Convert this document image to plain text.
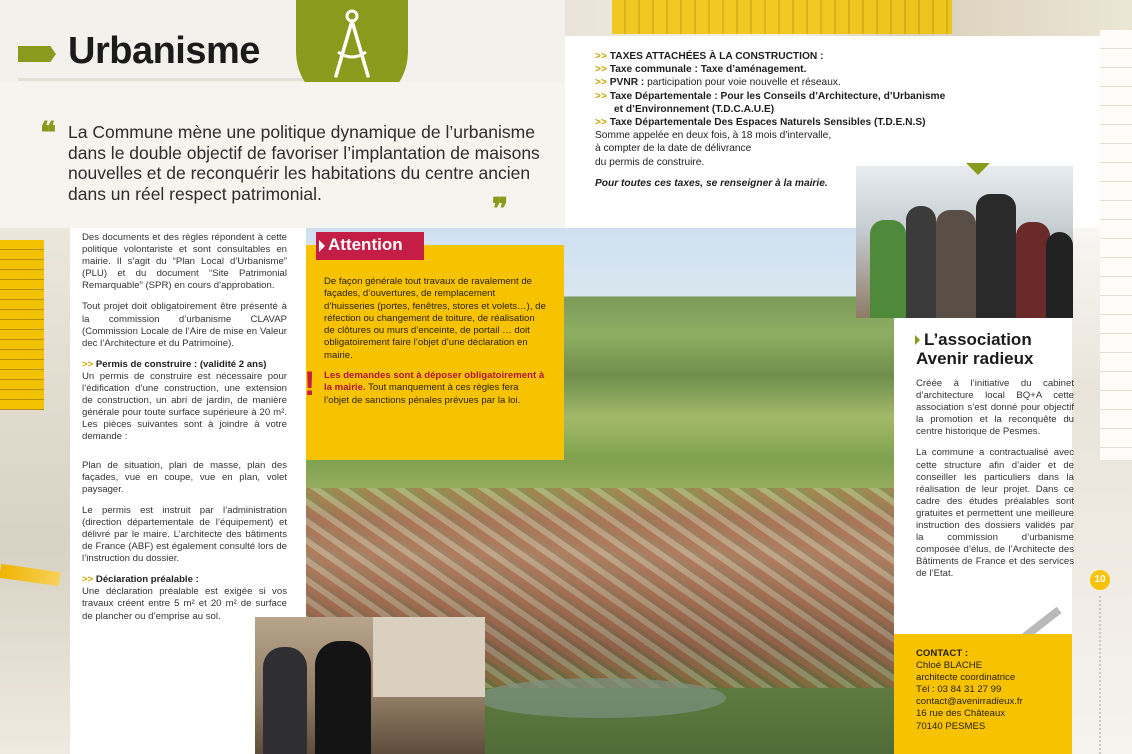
Urbanisme
❝ La Commune mène une politique dynamique de l’urbanisme dans le double objectif de favoriser l’implantation de maisons nouvelles et de reconquérir les habitations du centre ancien dans un réel respect patrimonial.	❞

Des documents et des règles répondent à cette politique volontariste et sont consultables en mairie. Il s’agit du “Plan Local d’Urbanisme” (PLU) et du document “Site Patrimonial Remarquable” (SPR) en cours d’approbation.

Tout projet doit obligatoirement être présenté à la commission d’urbanisme CLAVAP (Commission Locale de l’Aire de mise en Valeur dec l’Architecture et du Patrimoine).

>> Permis de construire : (validité 2 ans)

Un permis de construire est nécessaire pour l’édification d’une construction, une extension de construction, un abri de jardin, de manière générale pour toute surface supérieure à 20 m². Les pièces suivantes sont à joindre à votre demande :

Plan de situation, plan de masse, plan des façades, vue en coupe, vue en plan, volet paysager.

Le permis est instruit par l’administration (direction départementale de l’équipement) et délivré par le maire. L’architecte des bâtiments de France (ABF) est également consulté lors de l’instruction du dossier.

>> Déclaration préalable :

Une déclaration préalable est exigée si vos travaux créent entre 5 m² et 20 m² de surface de plancher ou d’emprise au sol.

Attention
!

De façon générale tout travaux de ravalement de façades, d’ouvertures, de remplacement d’huisseries (portes, fenêtres, stores et volets…), de réfection ou changement de toiture, de réalisation de clôtures ou murs d’enceinte, de portail … doit obligatoirement faire l’objet d’une déclaration en mairie.

Les demandes sont à déposer obligatoirement à la mairie. Tout manquement à ces règles fera l’objet de sanctions pénales prévues par la loi.

>> TAXES ATTACHÉES À LA CONSTRUCTION :
>> Taxe communale : Taxe d’aménagement.
>> PVNR : participation pour voie nouvelle et réseaux.
>> Taxe Départementale : Pour les Conseils d’Architecture, d’Urbanisme
et d’Environnement (T.D.C.A.U.E)
>> Taxe Départementale Des Espaces Naturels Sensibles (T.D.E.N.S)
Somme appelée en deux fois, à 18 mois d’intervalle,
à compter de la date de délivrance
du permis de construire.
Pour toutes ces taxes, se renseigner à la mairie.
L’association
Avenir radieux

Créée à l’initiative du cabinet d’architecture local BQ+A cette association s’est donné pour objectif la promotion et la reconquête du centre historique de Pesmes.

La commune a contractualisé avec cette structure afin d’aider et de conseiller les particuliers dans la réalisation de leur projet. Dans ce cadre des études préalables sont gratuites et permettent une meilleure instruction des dossiers validés par la commission d’urbanisme composée d’élus, de l’Architecte des Bâtiments de France et des services de l’Etat.

CONTACT :
Chloé BLACHE
architecte coordinatrice
Tél : 03 84 31 27 99
contact@avenirradieux.fr
16 rue des Châteaux
70140 PESMES
10
